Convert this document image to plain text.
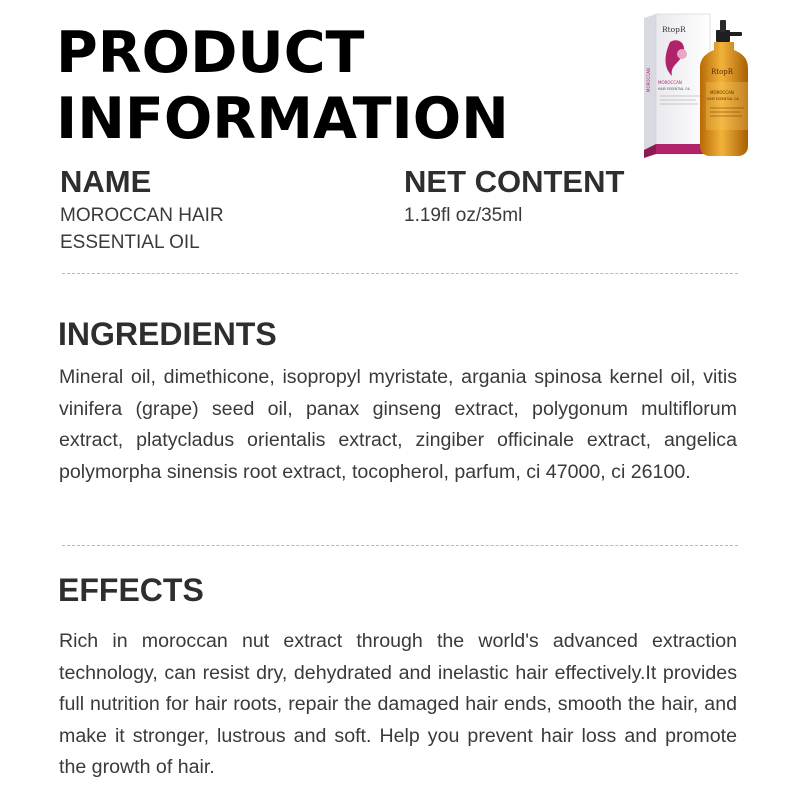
PRODUCT
INFORMATION
RtopR
MOROCCAN
HAIR ESSENTIAL OIL
MOROCCAN	RtopR
MOROCCAN
HAIR ESSENTIAL OIL
NAME
MOROCCAN HAIR
ESSENTIAL OIL
NET CONTENT
1.19fl oz/35ml
INGREDIENTS
Mineral oil, dimethicone, isopropyl myristate, argania spinosa kernel oil, vitis vinifera (grape) seed oil, panax ginseng extract, polygonum multiflorum extract, platycladus orientalis extract, zingiber officinale extract, angelica polymorpha sinensis root extract, tocopherol, parfum, ci 47000, ci 26100.
EFFECTS
Rich in moroccan nut extract through the world's advanced extraction technology, can resist dry, dehydrated and inelastic hair effectively.It provides full nutrition for hair roots, repair the damaged hair ends, smooth the hair, and make it stronger, lustrous and soft. Help you prevent hair loss and promote the growth of hair.
